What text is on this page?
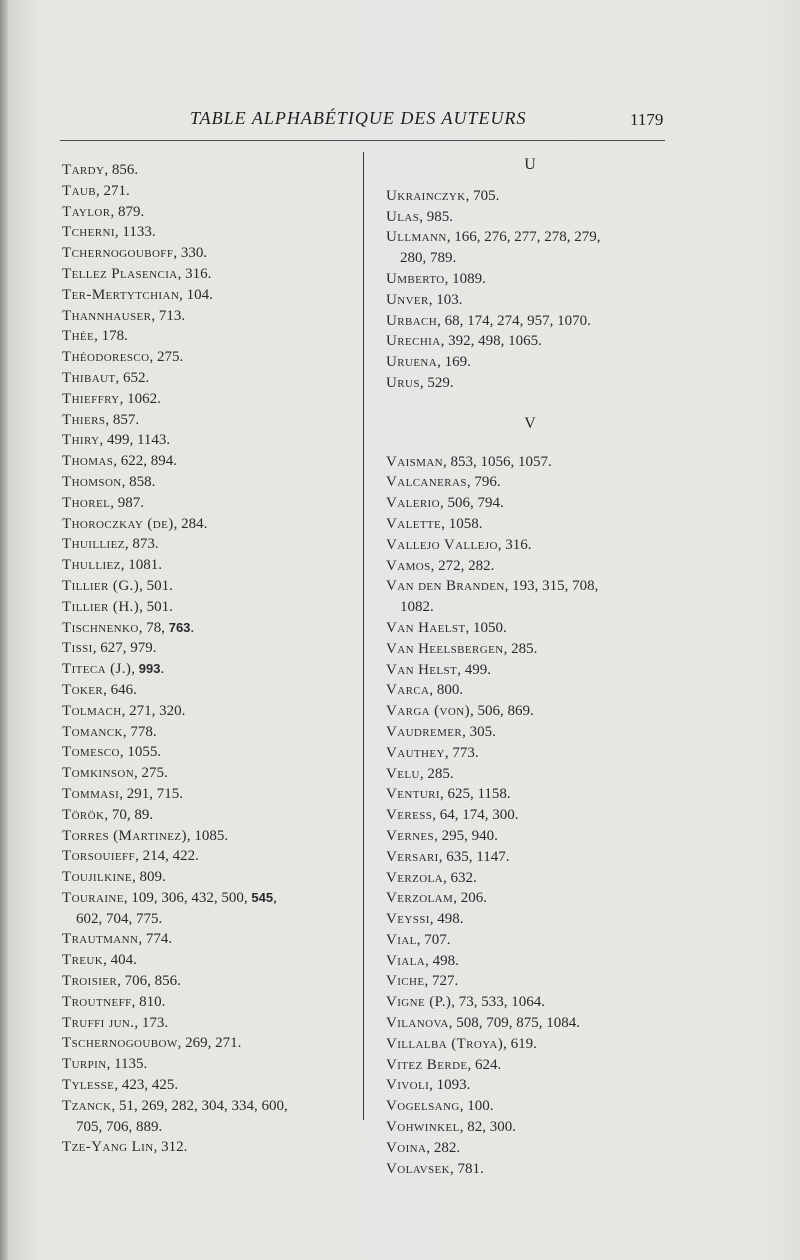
TABLE ALPHABÉTIQUE DES AUTEURS	1179
Tardy, 856.
Taub, 271.
Taylor, 879.
Tcherni, 1133.
Tchernogouboff, 330.
Tellez Plasencia, 316.
Ter-Mertytchian, 104.
Thannhauser, 713.
Thée, 178.
Théodoresco, 275.
Thibaut, 652.
Thieffry, 1062.
Thiers, 857.
Thiry, 499, 1143.
Thomas, 622, 894.
Thomson, 858.
Thorel, 987.
Thoroczkay (de), 284.
Thuilliez, 873.
Thulliez, 1081.
Tillier (G.), 501.
Tillier (H.), 501.
Tischnenko, 78, 763.
Tissi, 627, 979.
Titeca (J.), 993.
Toker, 646.
Tolmach, 271, 320.
Tomanck, 778.
Tomesco, 1055.
Tomkinson, 275.
Tommasi, 291, 715.
Török, 70, 89.
Torres (Martinez), 1085.
Torsouieff, 214, 422.
Toujilkine, 809.
Touraine, 109, 306, 432, 500, 545,
602, 704, 775.
Trautmann, 774.
Treuk, 404.
Troisier, 706, 856.
Troutneff, 810.
Truffi jun., 173.
Tschernogoubow, 269, 271.
Turpin, 1135.
Tylesse, 423, 425.
Tzanck, 51, 269, 282, 304, 334, 600,
705, 706, 889.
Tze-Yang Lin, 312.
U
Ukrainczyk, 705.
Ulas, 985.
Ullmann, 166, 276, 277, 278, 279,
280, 789.
Umberto, 1089.
Unver, 103.
Urbach, 68, 174, 274, 957, 1070.
Urechia, 392, 498, 1065.
Uruena, 169.
Urus, 529.
V
Vaisman, 853, 1056, 1057.
Valcaneras, 796.
Valerio, 506, 794.
Valette, 1058.
Vallejo Vallejo, 316.
Vamos, 272, 282.
Van den Branden, 193, 315, 708,
1082.
Van Haelst, 1050.
Van Heelsbergen, 285.
Van Helst, 499.
Varca, 800.
Varga (von), 506, 869.
Vaudremer, 305.
Vauthey, 773.
Velu, 285.
Venturi, 625, 1158.
Veress, 64, 174, 300.
Vernes, 295, 940.
Versari, 635, 1147.
Verzola, 632.
Verzolam, 206.
Veyssi, 498.
Vial, 707.
Viala, 498.
Viche, 727.
Vigne (P.), 73, 533, 1064.
Vilanova, 508, 709, 875, 1084.
Villalba (Troya), 619.
Vitez Berde, 624.
Vivoli, 1093.
Vogelsang, 100.
Vohwinkel, 82, 300.
Voina, 282.
Volavsek, 781.
